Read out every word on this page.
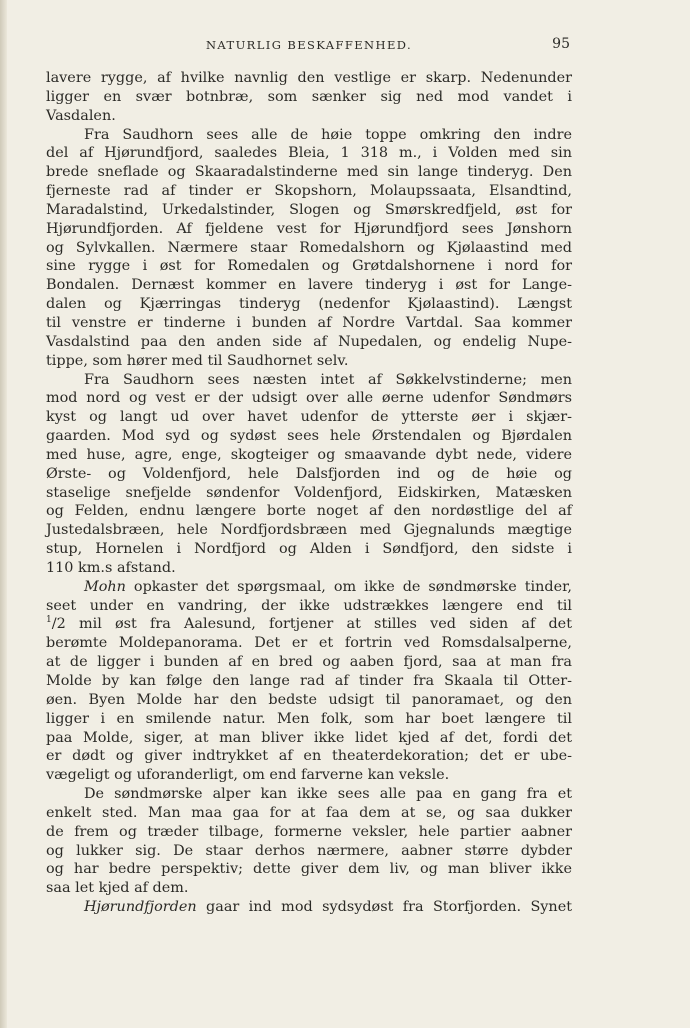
NATURLIG BESKAFFENHED.	95
lavere rygge, af hvilke navnlig den vestlige er skarp. Nedenunder
ligger en svær botnbræ, som sænker sig ned mod vandet i
Vasdalen.
Fra Saudhorn sees alle de høie toppe omkring den indre
del af Hjørundfjord, saaledes Bleia, 1 318 m., i Volden med sin
brede sneflade og Skaaradalstinderne med sin lange tinderyg. Den
fjerneste rad af tinder er Skopshorn, Molaupssaata, Elsandtind,
Maradalstind, Urkedalstinder, Slogen og Smørskredfjeld, øst for
Hjørundfjorden. Af fjeldene vest for Hjørundfjord sees Jønshorn
og Sylvkallen. Nærmere staar Romedalshorn og Kjølaastind med
sine rygge i øst for Romedalen og Grøtdalshornene i nord for
Bondalen. Dernæst kommer en lavere tinderyg i øst for Lange-
dalen og Kjærringas tinderyg (nedenfor Kjølaastind). Længst
til venstre er tinderne i bunden af Nordre Vartdal. Saa kommer
Vasdalstind paa den anden side af Nupedalen, og endelig Nupe-
tippe, som hører med til Saudhornet selv.
Fra Saudhorn sees næsten intet af Søkkelvstinderne; men
mod nord og vest er der udsigt over alle øerne udenfor Søndmørs
kyst og langt ud over havet udenfor de ytterste øer i skjær-
gaarden. Mod syd og sydøst sees hele Ørstendalen og Bjørdalen
med huse, agre, enge, skogteiger og smaavande dybt nede, videre
Ørste- og Voldenfjord, hele Dalsfjorden ind og de høie og
staselige snefjelde søndenfor Voldenfjord, Eidskirken, Matæsken
og Felden, endnu længere borte noget af den nordøstlige del af
Justedalsbræen, hele Nordfjordsbræen med Gjegnalunds mægtige
stup, Hornelen i Nordfjord og Alden i Søndfjord, den sidste i
110 km.s afstand.
Mohn opkaster det spørgsmaal, om ikke de søndmørske tinder,
seet under en vandring, der ikke udstrækkes længere end til
$^1$/2 mil øst fra Aalesund, fortjener at stilles ved siden af det
berømte Moldepanorama. Det er et fortrin ved Romsdalsalperne,
at de ligger i bunden af en bred og aaben fjord, saa at man fra
Molde by kan følge den lange rad af tinder fra Skaala til Otter-
øen. Byen Molde har den bedste udsigt til panoramaet, og den
ligger i en smilende natur. Men folk, som har boet længere til
paa Molde, siger, at man bliver ikke lidet kjed af det, fordi det
er dødt og giver indtrykket af en theaterdekoration; det er ube-
vægeligt og uforanderligt, om end farverne kan veksle.
De søndmørske alper kan ikke sees alle paa en gang fra et
enkelt sted. Man maa gaa for at faa dem at se, og saa dukker
de frem og træder tilbage, formerne veksler, hele partier aabner
og lukker sig. De staar derhos nærmere, aabner større dybder
og har bedre perspektiv; dette giver dem liv, og man bliver ikke
saa let kjed af dem.
Hjørundfjorden gaar ind mod sydsydøst fra Storfjorden. Synet
